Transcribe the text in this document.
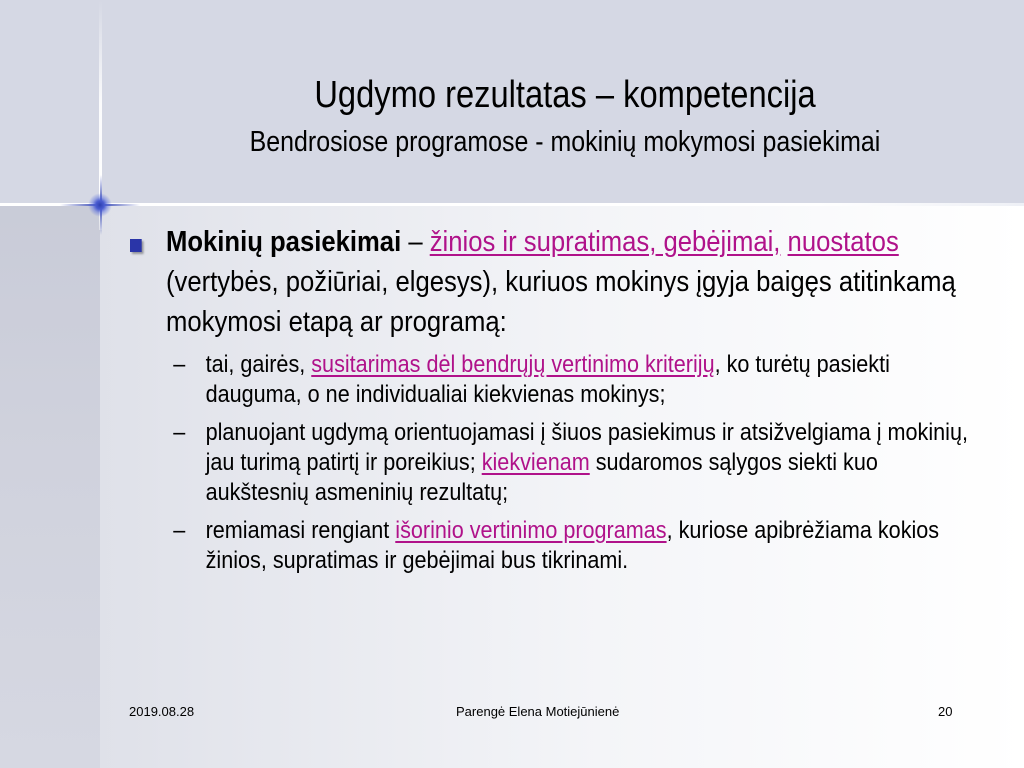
Ugdymo rezultatas – kompetencija
Bendrosiose programose - mokinių mokymosi pasiekimai
Mokinių pasiekimai – žinios ir supratimas, gebėjimai, nuostatos (vertybės, požiūriai, elgesys), kuriuos mokinys įgyja baigęs atitinkamą mokymosi etapą ar programą:
– tai, gairės, susitarimas dėl bendrųjų vertinimo kriterijų, ko turėtų pasiekti dauguma, o ne individualiai kiekvienas mokinys;
– planuojant ugdymą orientuojamasi į šiuos pasiekimus ir atsižvelgiama į mokinių, jau turimą patirtį ir poreikius; kiekvienam sudaromos sąlygos siekti kuo aukštesnių asmeninių rezultatų;
– remiamasi rengiant išorinio vertinimo programas, kuriose apibrėžiama kokios žinios, supratimas ir gebėjimai bus tikrinami.
2019.08.28	Parengė Elena Motiejūnienė	20
